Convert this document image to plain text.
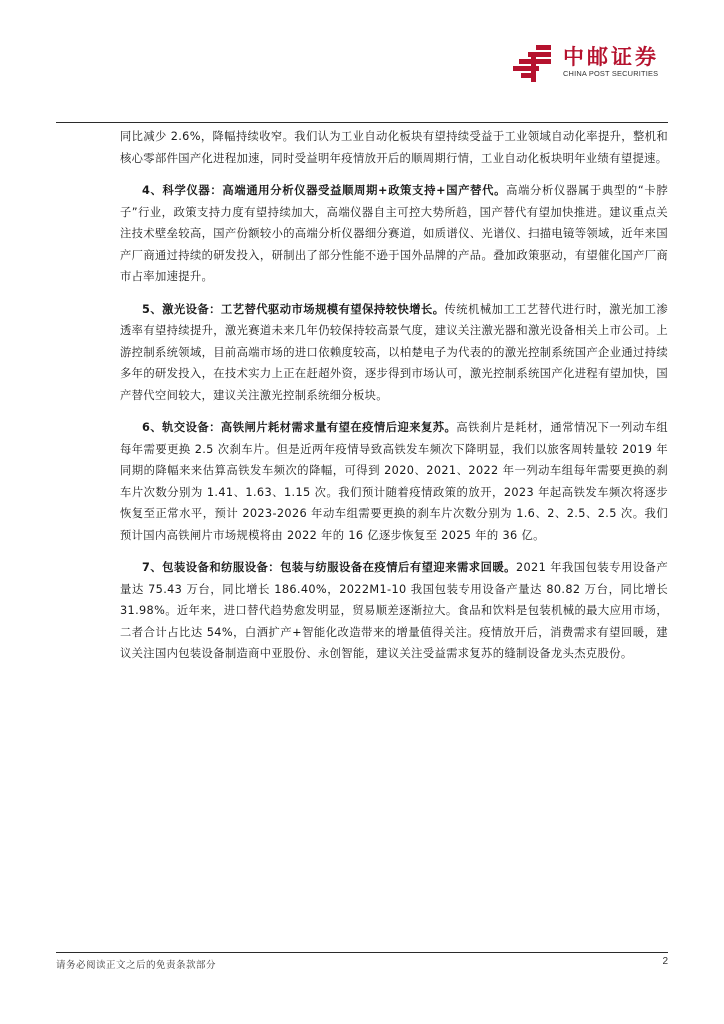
中邮证券
CHINA POST SECURITIES

同比减少 2.6%，降幅持续收窄。我们认为工业自动化板块有望持续受益于工业领域自动化率提升，整机和核心零部件国产化进程加速，同时受益明年疫情放开后的顺周期行情，工业自动化板块明年业绩有望提速。

4、科学仪器：高端通用分析仪器受益顺周期+政策支持+国产替代。高端分析仪器属于典型的“卡脖子”行业，政策支持力度有望持续加大，高端仪器自主可控大势所趋，国产替代有望加快推进。建议重点关注技术壁垒较高，国产份额较小的高端分析仪器细分赛道，如质谱仪、光谱仪、扫描电镜等领域，近年来国产厂商通过持续的研发投入，研制出了部分性能不逊于国外品牌的产品。叠加政策驱动，有望催化国产厂商市占率加速提升。

5、激光设备：工艺替代驱动市场规模有望保持较快增长。传统机械加工工艺替代进行时，激光加工渗透率有望持续提升，激光赛道未来几年仍较保持较高景气度，建议关注激光器和激光设备相关上市公司。上游控制系统领域，目前高端市场的进口依赖度较高，以柏楚电子为代表的的激光控制系统国产企业通过持续多年的研发投入，在技术实力上正在赶超外资，逐步得到市场认可，激光控制系统国产化进程有望加快，国产替代空间较大，建议关注激光控制系统细分板块。

6、轨交设备：高铁闸片耗材需求量有望在疫情后迎来复苏。高铁刹片是耗材，通常情况下一列动车组每年需要更换 2.5 次刹车片。但是近两年疫情导致高铁发车频次下降明显，我们以旅客周转量较 2019 年同期的降幅来来估算高铁发车频次的降幅，可得到 2020、2021、2022 年一列动车组每年需要更换的刹车片次数分别为 1.41、1.63、1.15 次。我们预计随着疫情政策的放开，2023 年起高铁发车频次将逐步恢复至正常水平，预计 2023-2026 年动车组需要更换的刹车片次数分别为 1.6、2、2.5、2.5 次。我们预计国内高铁闸片市场规模将由 2022 年的 16 亿逐步恢复至 2025 年的 36 亿。

7、包装设备和纺服设备：包装与纺服设备在疫情后有望迎来需求回暖。2021 年我国包装专用设备产量达 75.43 万台，同比增长 186.40%，2022M1-10 我国包装专用设备产量达 80.82 万台，同比增长 31.98%。近年来，进口替代趋势愈发明显，贸易顺差逐渐拉大。食品和饮料是包装机械的最大应用市场，二者合计占比达 54%，白酒扩产+智能化改造带来的增量值得关注。疫情放开后，消费需求有望回暖，建议关注国内包装设备制造商中亚股份、永创智能，建议关注受益需求复苏的缝制设备龙头杰克股份。

请务必阅读正文之后的免责条款部分	2
